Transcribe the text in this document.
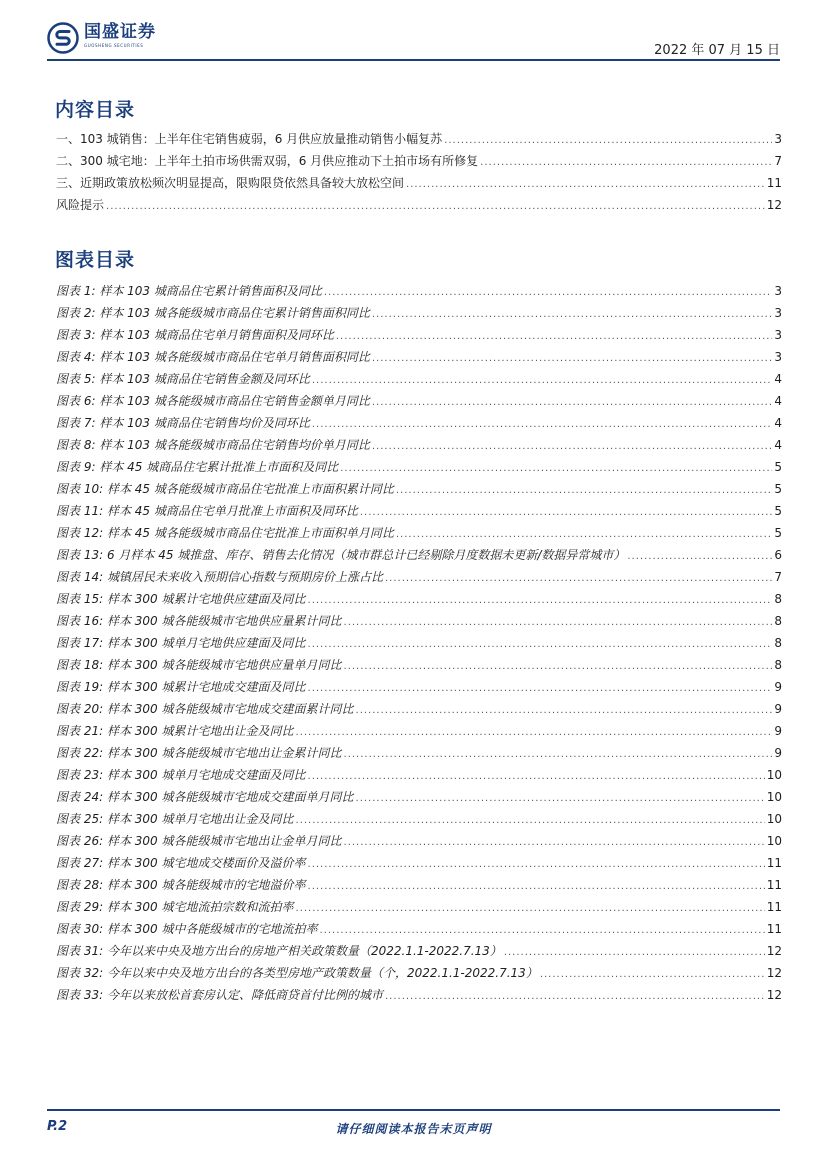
国盛证券
GUOSHENG SECURITIES	2022 年 07 月 15 日
内容目录
一、103 城销售：上半年住宅销售疲弱，6 月供应放量推动销售小幅复苏 .....	3
二、300 城宅地：上半年土拍市场供需双弱，6 月供应推动下土拍市场有所修复 .....	7
三、近期政策放松频次明显提高，限购限贷依然具备较大放松空间 .....	11
风险提示 .....	12
图表目录
图表 1: 样本 103 城商品住宅累计销售面积及同比 .....	3
图表 2: 样本 103 城各能级城市商品住宅累计销售面积同比 .....	3
图表 3: 样本 103 城商品住宅单月销售面积及同环比 .....	3
图表 4: 样本 103 城各能级城市商品住宅单月销售面积同比 .....	3
图表 5: 样本 103 城商品住宅销售金额及同环比 .....	4
图表 6: 样本 103 城各能级城市商品住宅销售金额单月同比 .....	4
图表 7: 样本 103 城商品住宅销售均价及同环比 .....	4
图表 8: 样本 103 城各能级城市商品住宅销售均价单月同比 .....	4
图表 9: 样本 45 城商品住宅累计批准上市面积及同比 .....	5
图表 10: 样本 45 城各能级城市商品住宅批准上市面积累计同比 .....	5
图表 11: 样本 45 城商品住宅单月批准上市面积及同环比 .....	5
图表 12: 样本 45 城各能级城市商品住宅批准上市面积单月同比 .....	5
图表 13: 6 月样本 45 城推盘、库存、销售去化情况（城市群总计已经剔除月度数据未更新/数据异常城市） .....	6
图表 14: 城镇居民未来收入预期信心指数与预期房价上涨占比 .....	7
图表 15: 样本 300 城累计宅地供应建面及同比 .....	8
图表 16: 样本 300 城各能级城市宅地供应量累计同比 .....	8
图表 17: 样本 300 城单月宅地供应建面及同比 .....	8
图表 18: 样本 300 城各能级城市宅地供应量单月同比 .....	8
图表 19: 样本 300 城累计宅地成交建面及同比 .....	9
图表 20: 样本 300 城各能级城市宅地成交建面累计同比 .....	9
图表 21: 样本 300 城累计宅地出让金及同比 .....	9
图表 22: 样本 300 城各能级城市宅地出让金累计同比 .....	9
图表 23: 样本 300 城单月宅地成交建面及同比 .....	10
图表 24: 样本 300 城各能级城市宅地成交建面单月同比 .....	10
图表 25: 样本 300 城单月宅地出让金及同比 .....	10
图表 26: 样本 300 城各能级城市宅地出让金单月同比 .....	10
图表 27: 样本 300 城宅地成交楼面价及溢价率 .....	11
图表 28: 样本 300 城各能级城市的宅地溢价率 .....	11
图表 29: 样本 300 城宅地流拍宗数和流拍率 .....	11
图表 30: 样本 300 城中各能级城市的宅地流拍率 .....	11
图表 31: 今年以来中央及地方出台的房地产相关政策数量（2022.1.1-2022.7.13） .....	12
图表 32: 今年以来中央及地方出台的各类型房地产政策数量（个，2022.1.1-2022.7.13） .....	12
图表 33: 今年以来放松首套房认定、降低商贷首付比例的城市 .....	12
P.2	请仔细阅读本报告末页声明
